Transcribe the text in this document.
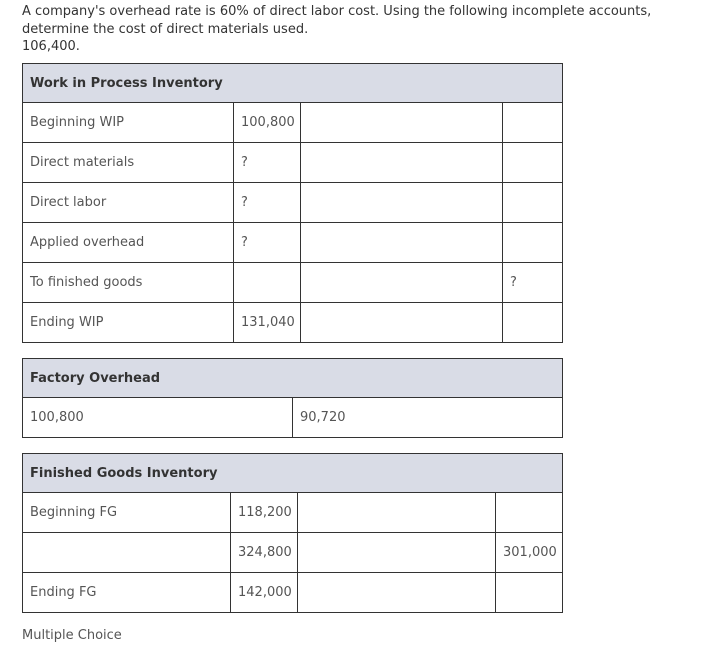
A company's overhead rate is 60% of direct labor cost. Using the following incomplete accounts, determine the cost of direct materials used.

106,400.

Work in Process Inventory			
Beginning WIP	100,800		
Direct materials	?		
Direct labor	?		
Applied overhead	?		
To finished goods			?
Ending WIP	131,040		
Factory Overhead
100,800	90,720
Finished Goods Inventory			
Beginning FG	118,200		
	324,800		301,000
Ending FG	142,000		
Multiple Choice
